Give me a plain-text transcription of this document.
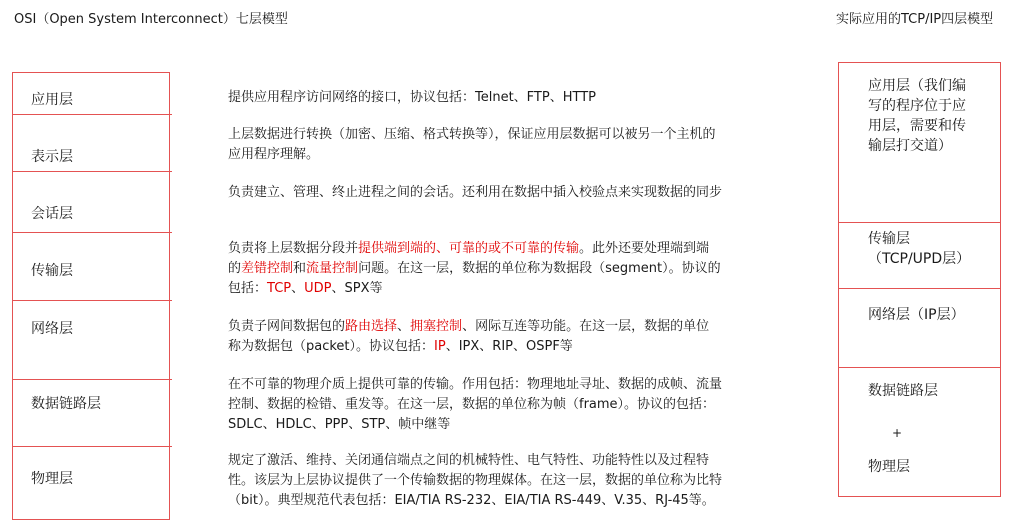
OSI（Open System Interconnect）七层模型	实际应用的TCP/IP四层模型
应用层
表示层
会话层
传输层
网络层
数据链路层
物理层
提供应用程序访问网络的接口，协议包括：Telnet、FTP、HTTP
上层数据进行转换（加密、压缩、格式转换等），保证应用层数据可以被另一个主机的应用程序理解。
负责建立、管理、终止进程之间的会话。还利用在数据中插入校验点来实现数据的同步
负责将上层数据分段并提供端到端的、可靠的或不可靠的传输。此外还要处理端到端的差错控制和流量控制问题。在这一层，数据的单位称为数据段（segment）。协议的包括：TCP、UDP、SPX等
负责子网间数据包的路由选择、拥塞控制、网际互连等功能。在这一层，数据的单位称为数据包（packet）。协议包括：IP、IPX、RIP、OSPF等
在不可靠的物理介质上提供可靠的传输。作用包括：物理地址寻址、数据的成帧、流量控制、数据的检错、重发等。在这一层，数据的单位称为帧（frame）。协议的包括：SDLC、HDLC、PPP、STP、帧中继等
规定了激活、维持、关闭通信端点之间的机械特性、电气特性、功能特性以及过程特性。该层为上层协议提供了一个传输数据的物理媒体。在这一层，数据的单位称为比特（bit）。典型规范代表包括：EIA/TIA RS-232、EIA/TIA RS-449、V.35、RJ-45等。
应用层（我们编
写的程序位于应
用层，需要和传
输层打交道）
传输层
（TCP/UPD层）
网络层（IP层）
数据链路层
+
物理层
